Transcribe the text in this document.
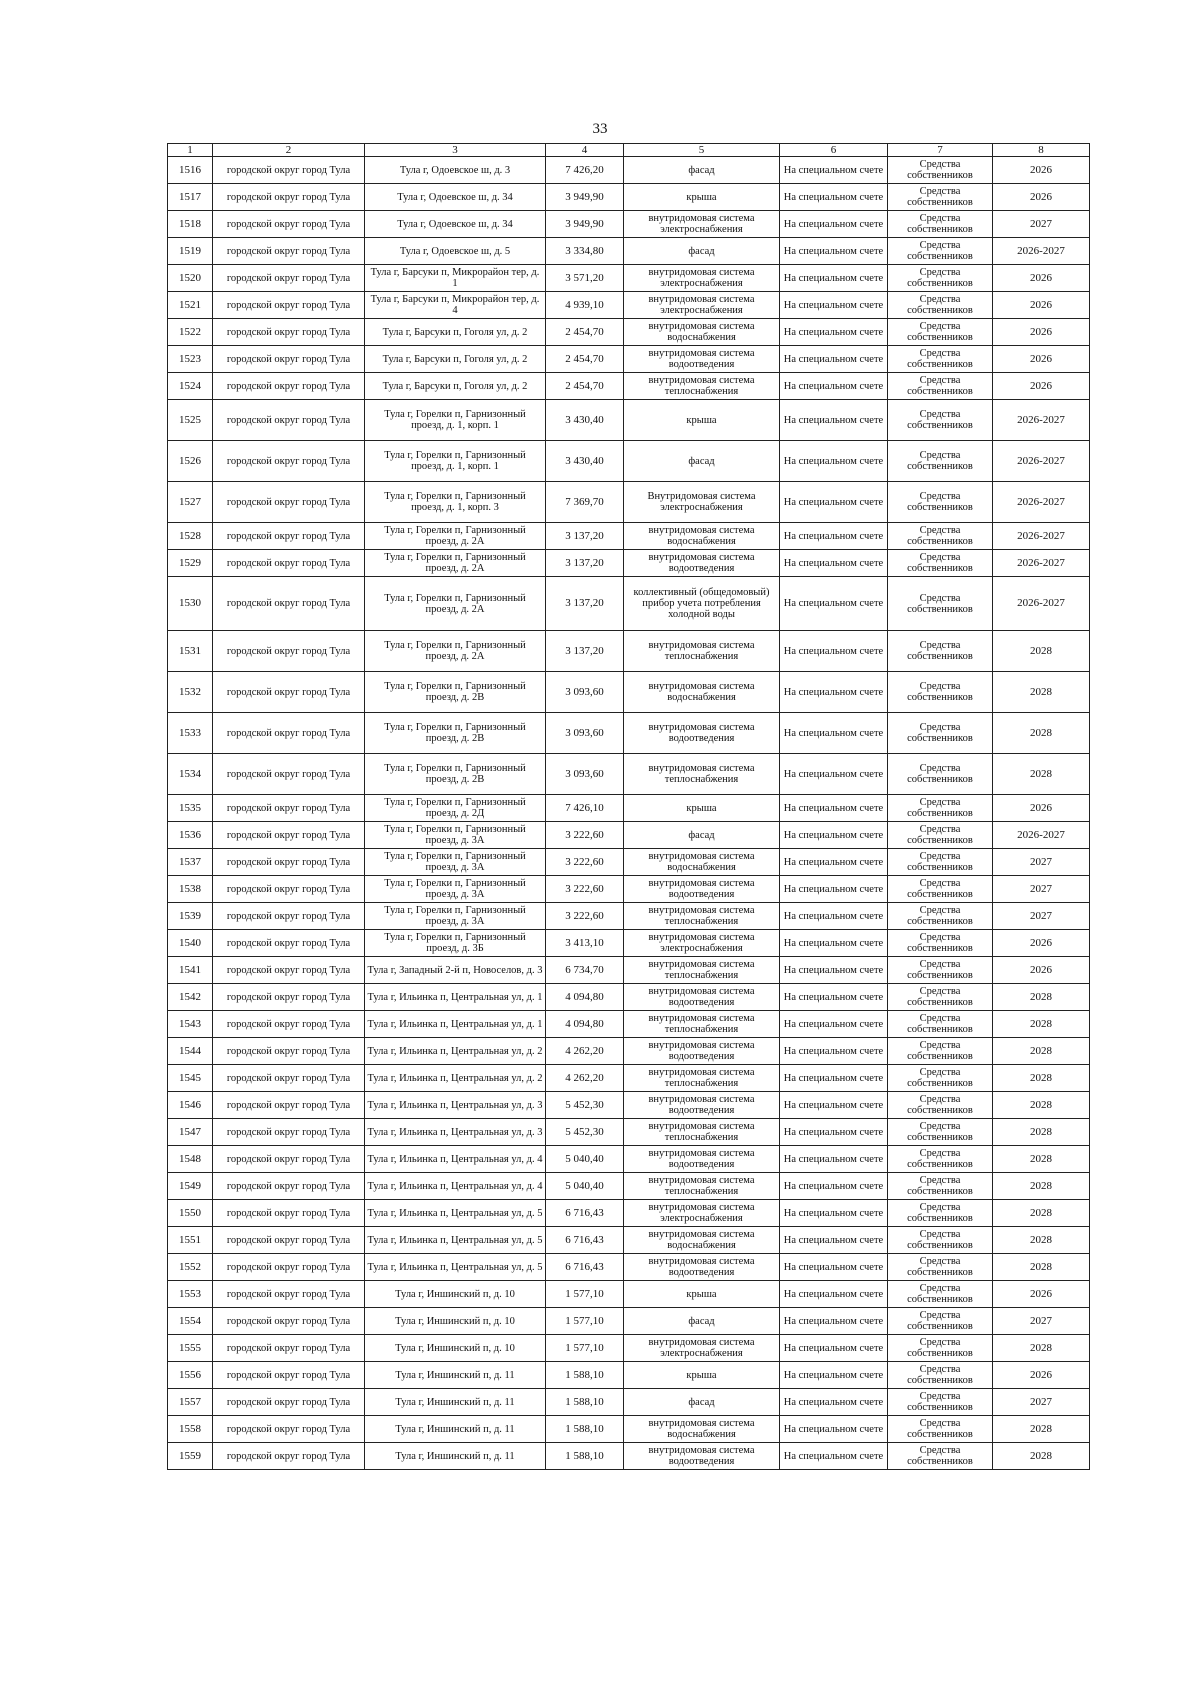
33
1	2	3	4	5	6	7	8
1516	городской округ город Тула	Тула г, Одоевское ш, д. 3	7 426,20	фасад	На специальном счете	Средства собственников	2026
1517	городской округ город Тула	Тула г, Одоевское ш, д. 34	3 949,90	крыша	На специальном счете	Средства собственников	2026
1518	городской округ город Тула	Тула г, Одоевское ш, д. 34	3 949,90	внутридомовая система электроснабжения	На специальном счете	Средства собственников	2027
1519	городской округ город Тула	Тула г, Одоевское ш, д. 5	3 334,80	фасад	На специальном счете	Средства собственников	2026-2027
1520	городской округ город Тула	Тула г, Барсуки п, Микрорайон тер, д. 1	3 571,20	внутридомовая система электроснабжения	На специальном счете	Средства собственников	2026
1521	городской округ город Тула	Тула г, Барсуки п, Микрорайон тер, д. 4	4 939,10	внутридомовая система электроснабжения	На специальном счете	Средства собственников	2026
1522	городской округ город Тула	Тула г, Барсуки п, Гоголя ул, д. 2	2 454,70	внутридомовая система водоснабжения	На специальном счете	Средства собственников	2026
1523	городской округ город Тула	Тула г, Барсуки п, Гоголя ул, д. 2	2 454,70	внутридомовая система водоотведения	На специальном счете	Средства собственников	2026
1524	городской округ город Тула	Тула г, Барсуки п, Гоголя ул, д. 2	2 454,70	внутридомовая система теплоснабжения	На специальном счете	Средства собственников	2026
1525	городской округ город Тула	Тула г, Горелки п, Гарнизонный проезд, д. 1, корп. 1	3 430,40	крыша	На специальном счете	Средства собственников	2026-2027
1526	городской округ город Тула	Тула г, Горелки п, Гарнизонный проезд, д. 1, корп. 1	3 430,40	фасад	На специальном счете	Средства собственников	2026-2027
1527	городской округ город Тула	Тула г, Горелки п, Гарнизонный проезд, д. 1, корп. 3	7 369,70	Внутридомовая система электроснабжения	На специальном счете	Средства собственников	2026-2027
1528	городской округ город Тула	Тула г, Горелки п, Гарнизонный проезд, д. 2А	3 137,20	внутридомовая система водоснабжения	На специальном счете	Средства собственников	2026-2027
1529	городской округ город Тула	Тула г, Горелки п, Гарнизонный проезд, д. 2А	3 137,20	внутридомовая система водоотведения	На специальном счете	Средства собственников	2026-2027
1530	городской округ город Тула	Тула г, Горелки п, Гарнизонный проезд, д. 2А	3 137,20	коллективный (общедомовый) прибор учета потребления холодной воды	На специальном счете	Средства собственников	2026-2027
1531	городской округ город Тула	Тула г, Горелки п, Гарнизонный проезд, д. 2А	3 137,20	внутридомовая система теплоснабжения	На специальном счете	Средства собственников	2028
1532	городской округ город Тула	Тула г, Горелки п, Гарнизонный проезд, д. 2В	3 093,60	внутридомовая система водоснабжения	На специальном счете	Средства собственников	2028
1533	городской округ город Тула	Тула г, Горелки п, Гарнизонный проезд, д. 2В	3 093,60	внутридомовая система водоотведения	На специальном счете	Средства собственников	2028
1534	городской округ город Тула	Тула г, Горелки п, Гарнизонный проезд, д. 2В	3 093,60	внутридомовая система теплоснабжения	На специальном счете	Средства собственников	2028
1535	городской округ город Тула	Тула г, Горелки п, Гарнизонный проезд, д. 2Д	7 426,10	крыша	На специальном счете	Средства собственников	2026
1536	городской округ город Тула	Тула г, Горелки п, Гарнизонный проезд, д. 3А	3 222,60	фасад	На специальном счете	Средства собственников	2026-2027
1537	городской округ город Тула	Тула г, Горелки п, Гарнизонный проезд, д. 3А	3 222,60	внутридомовая система водоснабжения	На специальном счете	Средства собственников	2027
1538	городской округ город Тула	Тула г, Горелки п, Гарнизонный проезд, д. 3А	3 222,60	внутридомовая система водоотведения	На специальном счете	Средства собственников	2027
1539	городской округ город Тула	Тула г, Горелки п, Гарнизонный проезд, д. 3А	3 222,60	внутридомовая система теплоснабжения	На специальном счете	Средства собственников	2027
1540	городской округ город Тула	Тула г, Горелки п, Гарнизонный проезд, д. 3Б	3 413,10	внутридомовая система электроснабжения	На специальном счете	Средства собственников	2026
1541	городской округ город Тула	Тула г, Западный 2-й п, Новоселов, д. 3	6 734,70	внутридомовая система теплоснабжения	На специальном счете	Средства собственников	2026
1542	городской округ город Тула	Тула г, Ильинка п, Центральная ул, д. 1	4 094,80	внутридомовая система водоотведения	На специальном счете	Средства собственников	2028
1543	городской округ город Тула	Тула г, Ильинка п, Центральная ул, д. 1	4 094,80	внутридомовая система теплоснабжения	На специальном счете	Средства собственников	2028
1544	городской округ город Тула	Тула г, Ильинка п, Центральная ул, д. 2	4 262,20	внутридомовая система водоотведения	На специальном счете	Средства собственников	2028
1545	городской округ город Тула	Тула г, Ильинка п, Центральная ул, д. 2	4 262,20	внутридомовая система теплоснабжения	На специальном счете	Средства собственников	2028
1546	городской округ город Тула	Тула г, Ильинка п, Центральная ул, д. 3	5 452,30	внутридомовая система водоотведения	На специальном счете	Средства собственников	2028
1547	городской округ город Тула	Тула г, Ильинка п, Центральная ул, д. 3	5 452,30	внутридомовая система теплоснабжения	На специальном счете	Средства собственников	2028
1548	городской округ город Тула	Тула г, Ильинка п, Центральная ул, д. 4	5 040,40	внутридомовая система водоотведения	На специальном счете	Средства собственников	2028
1549	городской округ город Тула	Тула г, Ильинка п, Центральная ул, д. 4	5 040,40	внутридомовая система теплоснабжения	На специальном счете	Средства собственников	2028
1550	городской округ город Тула	Тула г, Ильинка п, Центральная ул, д. 5	6 716,43	внутридомовая система электроснабжения	На специальном счете	Средства собственников	2028
1551	городской округ город Тула	Тула г, Ильинка п, Центральная ул, д. 5	6 716,43	внутридомовая система водоснабжения	На специальном счете	Средства собственников	2028
1552	городской округ город Тула	Тула г, Ильинка п, Центральная ул, д. 5	6 716,43	внутридомовая система водоотведения	На специальном счете	Средства собственников	2028
1553	городской округ город Тула	Тула г, Иншинский п, д. 10	1 577,10	крыша	На специальном счете	Средства собственников	2026
1554	городской округ город Тула	Тула г, Иншинский п, д. 10	1 577,10	фасад	На специальном счете	Средства собственников	2027
1555	городской округ город Тула	Тула г, Иншинский п, д. 10	1 577,10	внутридомовая система электроснабжения	На специальном счете	Средства собственников	2028
1556	городской округ город Тула	Тула г, Иншинский п, д. 11	1 588,10	крыша	На специальном счете	Средства собственников	2026
1557	городской округ город Тула	Тула г, Иншинский п, д. 11	1 588,10	фасад	На специальном счете	Средства собственников	2027
1558	городской округ город Тула	Тула г, Иншинский п, д. 11	1 588,10	внутридомовая система водоснабжения	На специальном счете	Средства собственников	2028
1559	городской округ город Тула	Тула г, Иншинский п, д. 11	1 588,10	внутридомовая система водоотведения	На специальном счете	Средства собственников	2028
